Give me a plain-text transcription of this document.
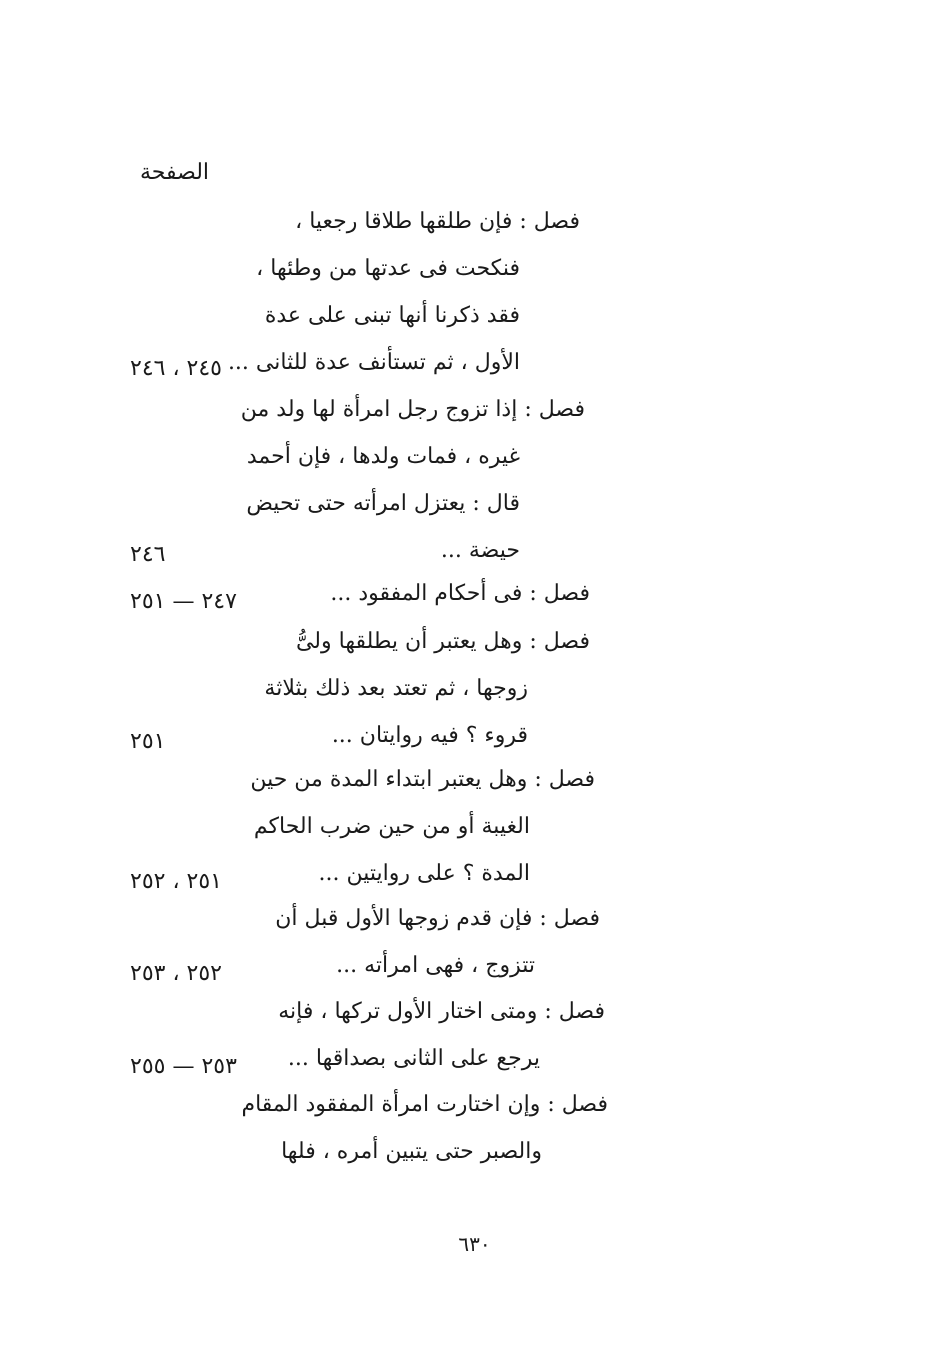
الصفحة
فصل : فإن طلقها طلاقا رجعيا ،
فنكحت فى عدتها من وطئها ،
فقد ذكرنا أنها تبنى على عدة
الأول ، ثم تستأنف عدة للثانى ...
٢٤٥ ، ٢٤٦
فصل : إذا تزوج رجل امرأة لها ولد من
غيره ، فمات ولدها ، فإن أحمد
قال : يعتزل امرأته حتى تحيض
حيضة ...
٢٤٦
فصل : فى أحكام المفقود ...
٢٤٧ — ٢٥١
فصل : وهل يعتبر أن يطلقها ولىُّ
زوجها ، ثم تعتد بعد ذلك بثلاثة
قروء ؟ فيه روايتان ...
٢٥١
فصل : وهل يعتبر ابتداء المدة من حين
الغيبة أو من حين ضرب الحاكم
المدة ؟ على روايتين ...
٢٥١ ، ٢٥٢
فصل : فإن قدم زوجها الأول قبل أن
تتزوج ، فهى امرأته ...
٢٥٢ ، ٢٥٣
فصل : ومتى اختار الأول تركها ، فإنه
يرجع على الثانى بصداقها ...
٢٥٣ — ٢٥٥
فصل : وإن اختارت امرأة المفقود المقام
والصبر حتى يتبين أمره ، فلها
٦٣٠
